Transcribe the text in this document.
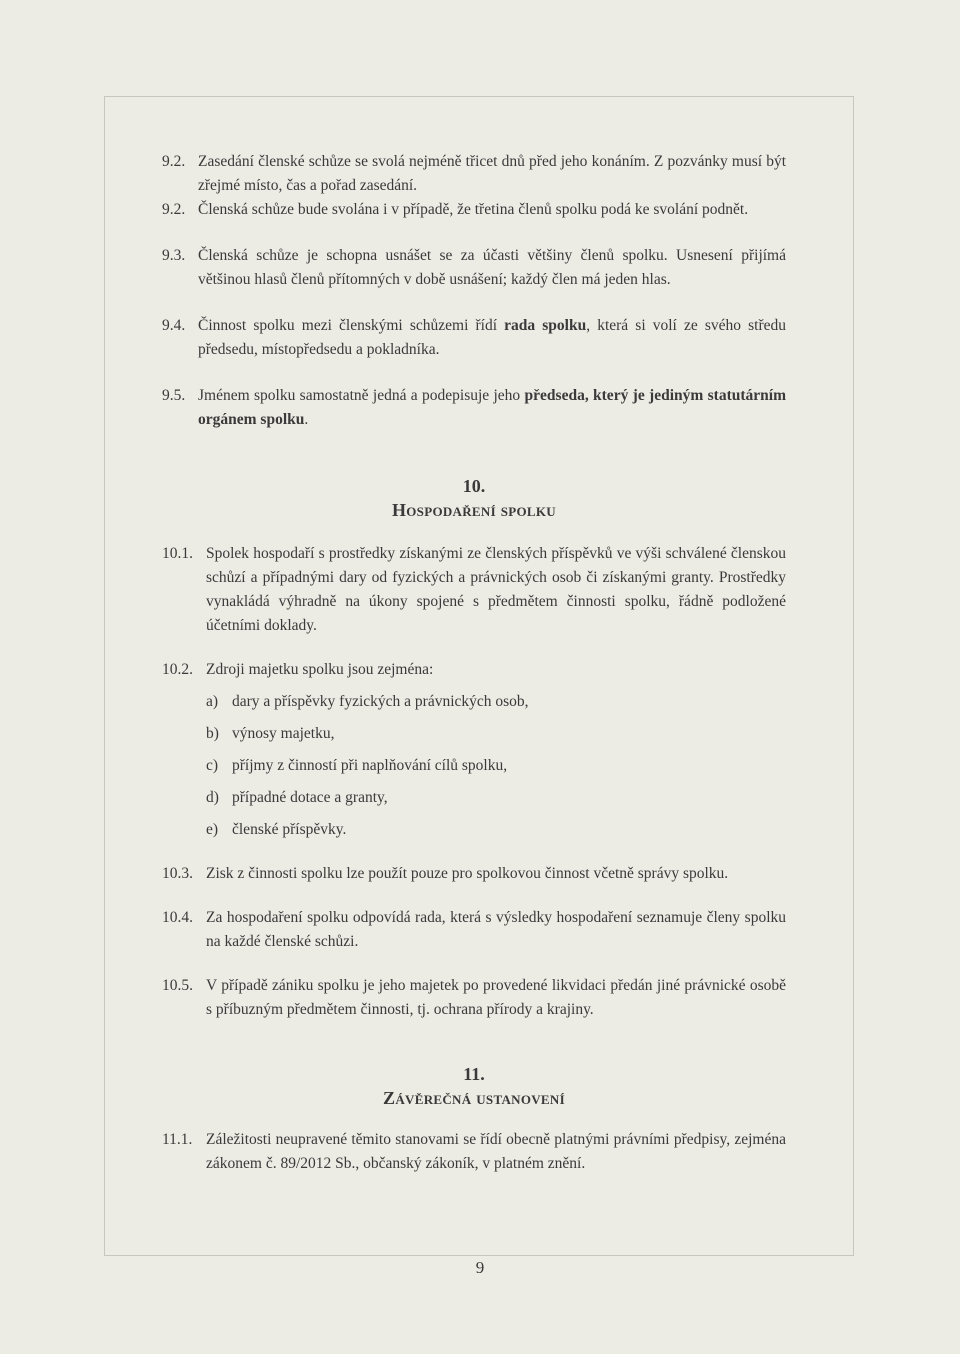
9.2. Zasedání členské schůze se svolá nejméně třicet dnů před jeho konáním. Z pozvánky musí být zřejmé místo, čas a pořad zasedání.
9.2. Členská schůze bude svolána i v případě, že třetina členů spolku podá ke svolání podnět.
9.3. Členská schůze je schopna usnášet se za účasti většiny členů spolku. Usnesení přijímá většinou hlasů členů přítomných v době usnášení; každý člen má jeden hlas.
9.4. Činnost spolku mezi členskými schůzemi řídí rada spolku, která si volí ze svého středu předsedu, místopředsedu a pokladníka.
9.5. Jménem spolku samostatně jedná a podepisuje jeho předseda, který je jediným statutárním orgánem spolku.
10.
Hospodaření spolku
10.1. Spolek hospodaří s prostředky získanými ze členských příspěvků ve výši schválené členskou schůzí a případnými dary od fyzických a právnických osob či získanými granty. Prostředky vynakládá výhradně na úkony spojené s předmětem činnosti spolku, řádně podložené účetními doklady.
10.2. Zdroji majetku spolku jsou zejména:
a) dary a příspěvky fyzických a právnických osob,
b) výnosy majetku,
c) příjmy z činností při naplňování cílů spolku,
d) případné dotace a granty,
e) členské příspěvky.
10.3. Zisk z činnosti spolku lze použít pouze pro spolkovou činnost včetně správy spolku.
10.4. Za hospodaření spolku odpovídá rada, která s výsledky hospodaření seznamuje členy spolku na každé členské schůzi.
10.5. V případě zániku spolku je jeho majetek po provedené likvidaci předán jiné právnické osobě s příbuzným předmětem činnosti, tj. ochrana přírody a krajiny.
11.
Závěrečná ustanovení
11.1. Záležitosti neupravené těmito stanovami se řídí obecně platnými právními předpisy, zejména zákonem č. 89/2012 Sb., občanský zákoník, v platném znění.
9
